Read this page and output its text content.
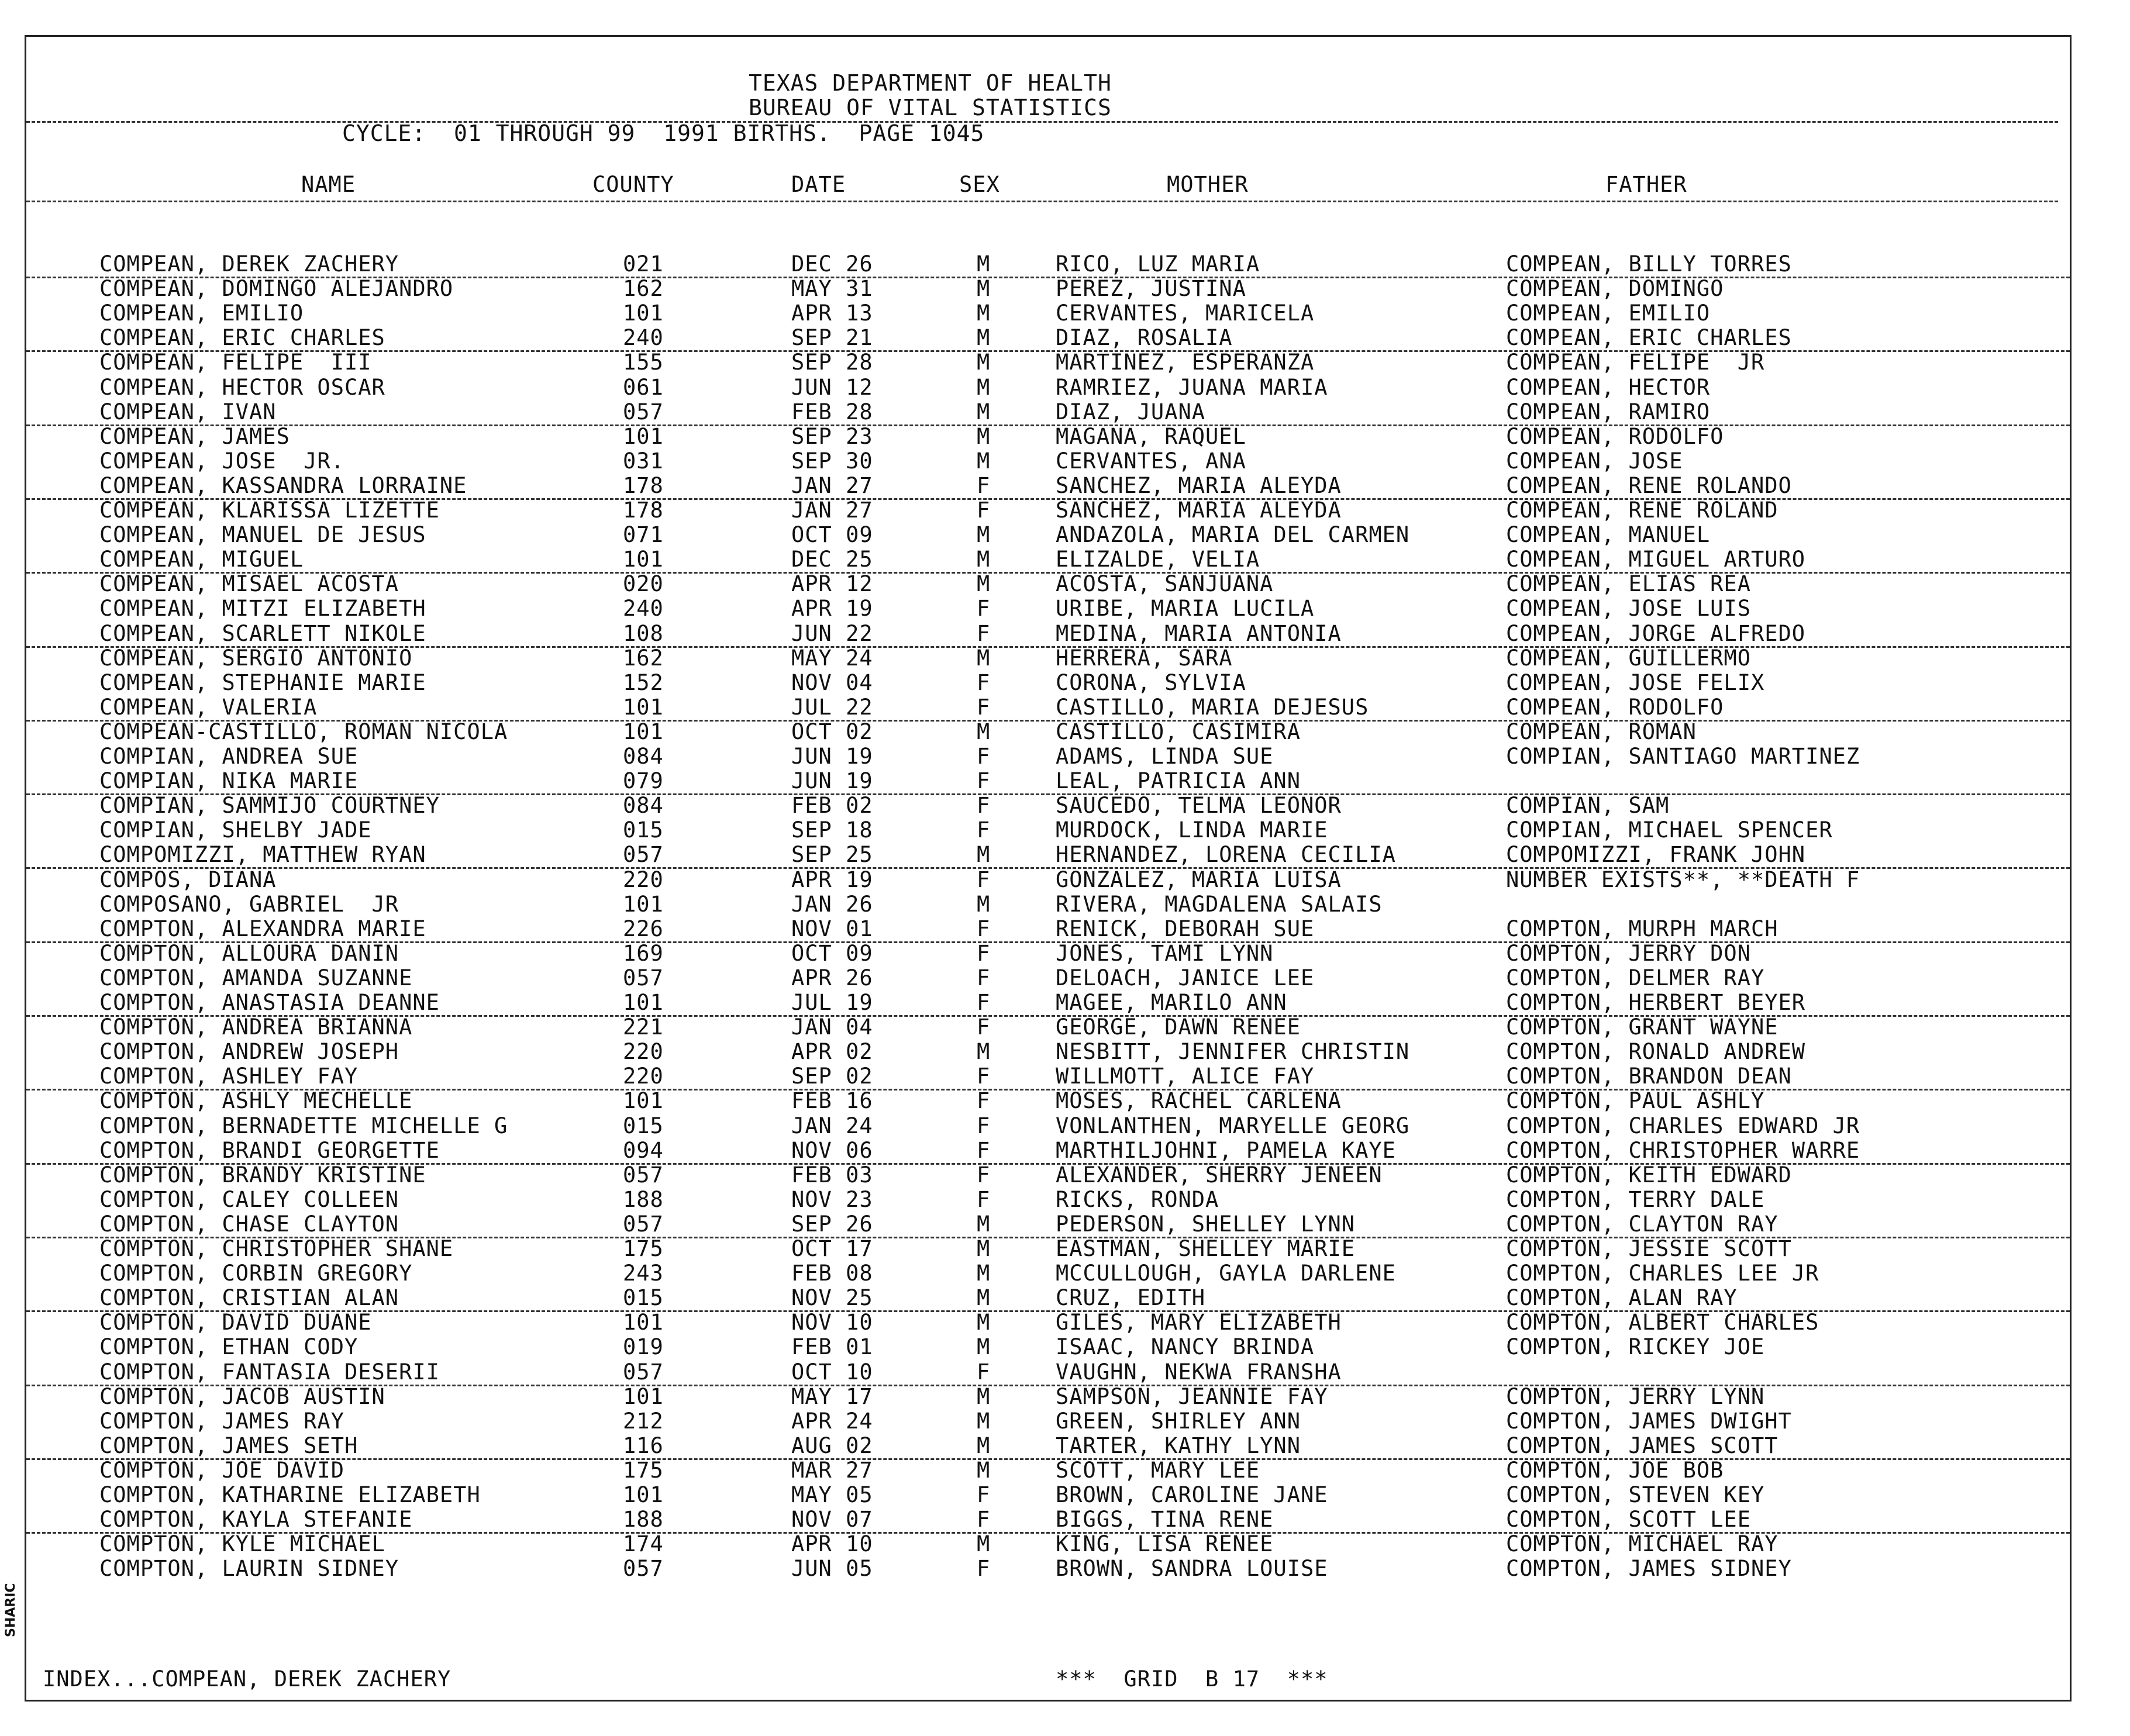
TEXAS DEPARTMENT OF HEALTH
BUREAU OF VITAL STATISTICS
CYCLE:  01 THROUGH 99  1991 BIRTHS.  PAGE 1045
NAME	COUNTY	DATE	SEX	MOTHER	FATHER
COMPEAN, DEREK ZACHERY	021	DEC 26	M	RICO, LUZ MARIA	COMPEAN, BILLY TORRES
COMPEAN, DOMINGO ALEJANDRO	162	MAY 31	M	PEREZ, JUSTINA	COMPEAN, DOMINGO
COMPEAN, EMILIO	101	APR 13	M	CERVANTES, MARICELA	COMPEAN, EMILIO
COMPEAN, ERIC CHARLES	240	SEP 21	M	DIAZ, ROSALIA	COMPEAN, ERIC CHARLES
COMPEAN, FELIPE  III	155	SEP 28	M	MARTINEZ, ESPERANZA	COMPEAN, FELIPE  JR
COMPEAN, HECTOR OSCAR	061	JUN 12	M	RAMRIEZ, JUANA MARIA	COMPEAN, HECTOR
COMPEAN, IVAN	057	FEB 28	M	DIAZ, JUANA	COMPEAN, RAMIRO
COMPEAN, JAMES	101	SEP 23	M	MAGANA, RAQUEL	COMPEAN, RODOLFO
COMPEAN, JOSE  JR.	031	SEP 30	M	CERVANTES, ANA	COMPEAN, JOSE
COMPEAN, KASSANDRA LORRAINE	178	JAN 27	F	SANCHEZ, MARIA ALEYDA	COMPEAN, RENE ROLANDO
COMPEAN, KLARISSA LIZETTE	178	JAN 27	F	SANCHEZ, MARIA ALEYDA	COMPEAN, RENE ROLAND
COMPEAN, MANUEL DE JESUS	071	OCT 09	M	ANDAZOLA, MARIA DEL CARMEN	COMPEAN, MANUEL
COMPEAN, MIGUEL	101	DEC 25	M	ELIZALDE, VELIA	COMPEAN, MIGUEL ARTURO
COMPEAN, MISAEL ACOSTA	020	APR 12	M	ACOSTA, SANJUANA	COMPEAN, ELIAS REA
COMPEAN, MITZI ELIZABETH	240	APR 19	F	URIBE, MARIA LUCILA	COMPEAN, JOSE LUIS
COMPEAN, SCARLETT NIKOLE	108	JUN 22	F	MEDINA, MARIA ANTONIA	COMPEAN, JORGE ALFREDO
COMPEAN, SERGIO ANTONIO	162	MAY 24	M	HERRERA, SARA	COMPEAN, GUILLERMO
COMPEAN, STEPHANIE MARIE	152	NOV 04	F	CORONA, SYLVIA	COMPEAN, JOSE FELIX
COMPEAN, VALERIA	101	JUL 22	F	CASTILLO, MARIA DEJESUS	COMPEAN, RODOLFO
COMPEAN-CASTILLO, ROMAN NICOLA	101	OCT 02	M	CASTILLO, CASIMIRA	COMPEAN, ROMAN
COMPIAN, ANDREA SUE	084	JUN 19	F	ADAMS, LINDA SUE	COMPIAN, SANTIAGO MARTINEZ
COMPIAN, NIKA MARIE	079	JUN 19	F	LEAL, PATRICIA ANN
COMPIAN, SAMMIJO COURTNEY	084	FEB 02	F	SAUCEDO, TELMA LEONOR	COMPIAN, SAM
COMPIAN, SHELBY JADE	015	SEP 18	F	MURDOCK, LINDA MARIE	COMPIAN, MICHAEL SPENCER
COMPOMIZZI, MATTHEW RYAN	057	SEP 25	M	HERNANDEZ, LORENA CECILIA	COMPOMIZZI, FRANK JOHN
COMPOS, DIANA	220	APR 19	F	GONZALEZ, MARIA LUISA	NUMBER EXISTS**, **DEATH F
COMPOSANO, GABRIEL  JR	101	JAN 26	M	RIVERA, MAGDALENA SALAIS
COMPTON, ALEXANDRA MARIE	226	NOV 01	F	RENICK, DEBORAH SUE	COMPTON, MURPH MARCH
COMPTON, ALLOURA DANIN	169	OCT 09	F	JONES, TAMI LYNN	COMPTON, JERRY DON
COMPTON, AMANDA SUZANNE	057	APR 26	F	DELOACH, JANICE LEE	COMPTON, DELMER RAY
COMPTON, ANASTASIA DEANNE	101	JUL 19	F	MAGEE, MARILO ANN	COMPTON, HERBERT BEYER
COMPTON, ANDREA BRIANNA	221	JAN 04	F	GEORGE, DAWN RENEE	COMPTON, GRANT WAYNE
COMPTON, ANDREW JOSEPH	220	APR 02	M	NESBITT, JENNIFER CHRISTIN	COMPTON, RONALD ANDREW
COMPTON, ASHLEY FAY	220	SEP 02	F	WILLMOTT, ALICE FAY	COMPTON, BRANDON DEAN
COMPTON, ASHLY MECHELLE	101	FEB 16	F	MOSES, RACHEL CARLENA	COMPTON, PAUL ASHLY
COMPTON, BERNADETTE MICHELLE G	015	JAN 24	F	VONLANTHEN, MARYELLE GEORG	COMPTON, CHARLES EDWARD JR
COMPTON, BRANDI GEORGETTE	094	NOV 06	F	MARTHILJOHNI, PAMELA KAYE	COMPTON, CHRISTOPHER WARRE
COMPTON, BRANDY KRISTINE	057	FEB 03	F	ALEXANDER, SHERRY JENEEN	COMPTON, KEITH EDWARD
COMPTON, CALEY COLLEEN	188	NOV 23	F	RICKS, RONDA	COMPTON, TERRY DALE
COMPTON, CHASE CLAYTON	057	SEP 26	M	PEDERSON, SHELLEY LYNN	COMPTON, CLAYTON RAY
COMPTON, CHRISTOPHER SHANE	175	OCT 17	M	EASTMAN, SHELLEY MARIE	COMPTON, JESSIE SCOTT
COMPTON, CORBIN GREGORY	243	FEB 08	M	MCCULLOUGH, GAYLA DARLENE	COMPTON, CHARLES LEE JR
COMPTON, CRISTIAN ALAN	015	NOV 25	M	CRUZ, EDITH	COMPTON, ALAN RAY
COMPTON, DAVID DUANE	101	NOV 10	M	GILES, MARY ELIZABETH	COMPTON, ALBERT CHARLES
COMPTON, ETHAN CODY	019	FEB 01	M	ISAAC, NANCY BRINDA	COMPTON, RICKEY JOE
COMPTON, FANTASIA DESERII	057	OCT 10	F	VAUGHN, NEKWA FRANSHA
COMPTON, JACOB AUSTIN	101	MAY 17	M	SAMPSON, JEANNIE FAY	COMPTON, JERRY LYNN
COMPTON, JAMES RAY	212	APR 24	M	GREEN, SHIRLEY ANN	COMPTON, JAMES DWIGHT
COMPTON, JAMES SETH	116	AUG 02	M	TARTER, KATHY LYNN	COMPTON, JAMES SCOTT
COMPTON, JOE DAVID	175	MAR 27	M	SCOTT, MARY LEE	COMPTON, JOE BOB
COMPTON, KATHARINE ELIZABETH	101	MAY 05	F	BROWN, CAROLINE JANE	COMPTON, STEVEN KEY
COMPTON, KAYLA STEFANIE	188	NOV 07	F	BIGGS, TINA RENE	COMPTON, SCOTT LEE
COMPTON, KYLE MICHAEL	174	APR 10	M	KING, LISA RENEE	COMPTON, MICHAEL RAY
COMPTON, LAURIN SIDNEY	057	JUN 05	F	BROWN, SANDRA LOUISE	COMPTON, JAMES SIDNEY
INDEX...COMPEAN, DEREK ZACHERY	***  GRID  B 17  ***
SHARIC
